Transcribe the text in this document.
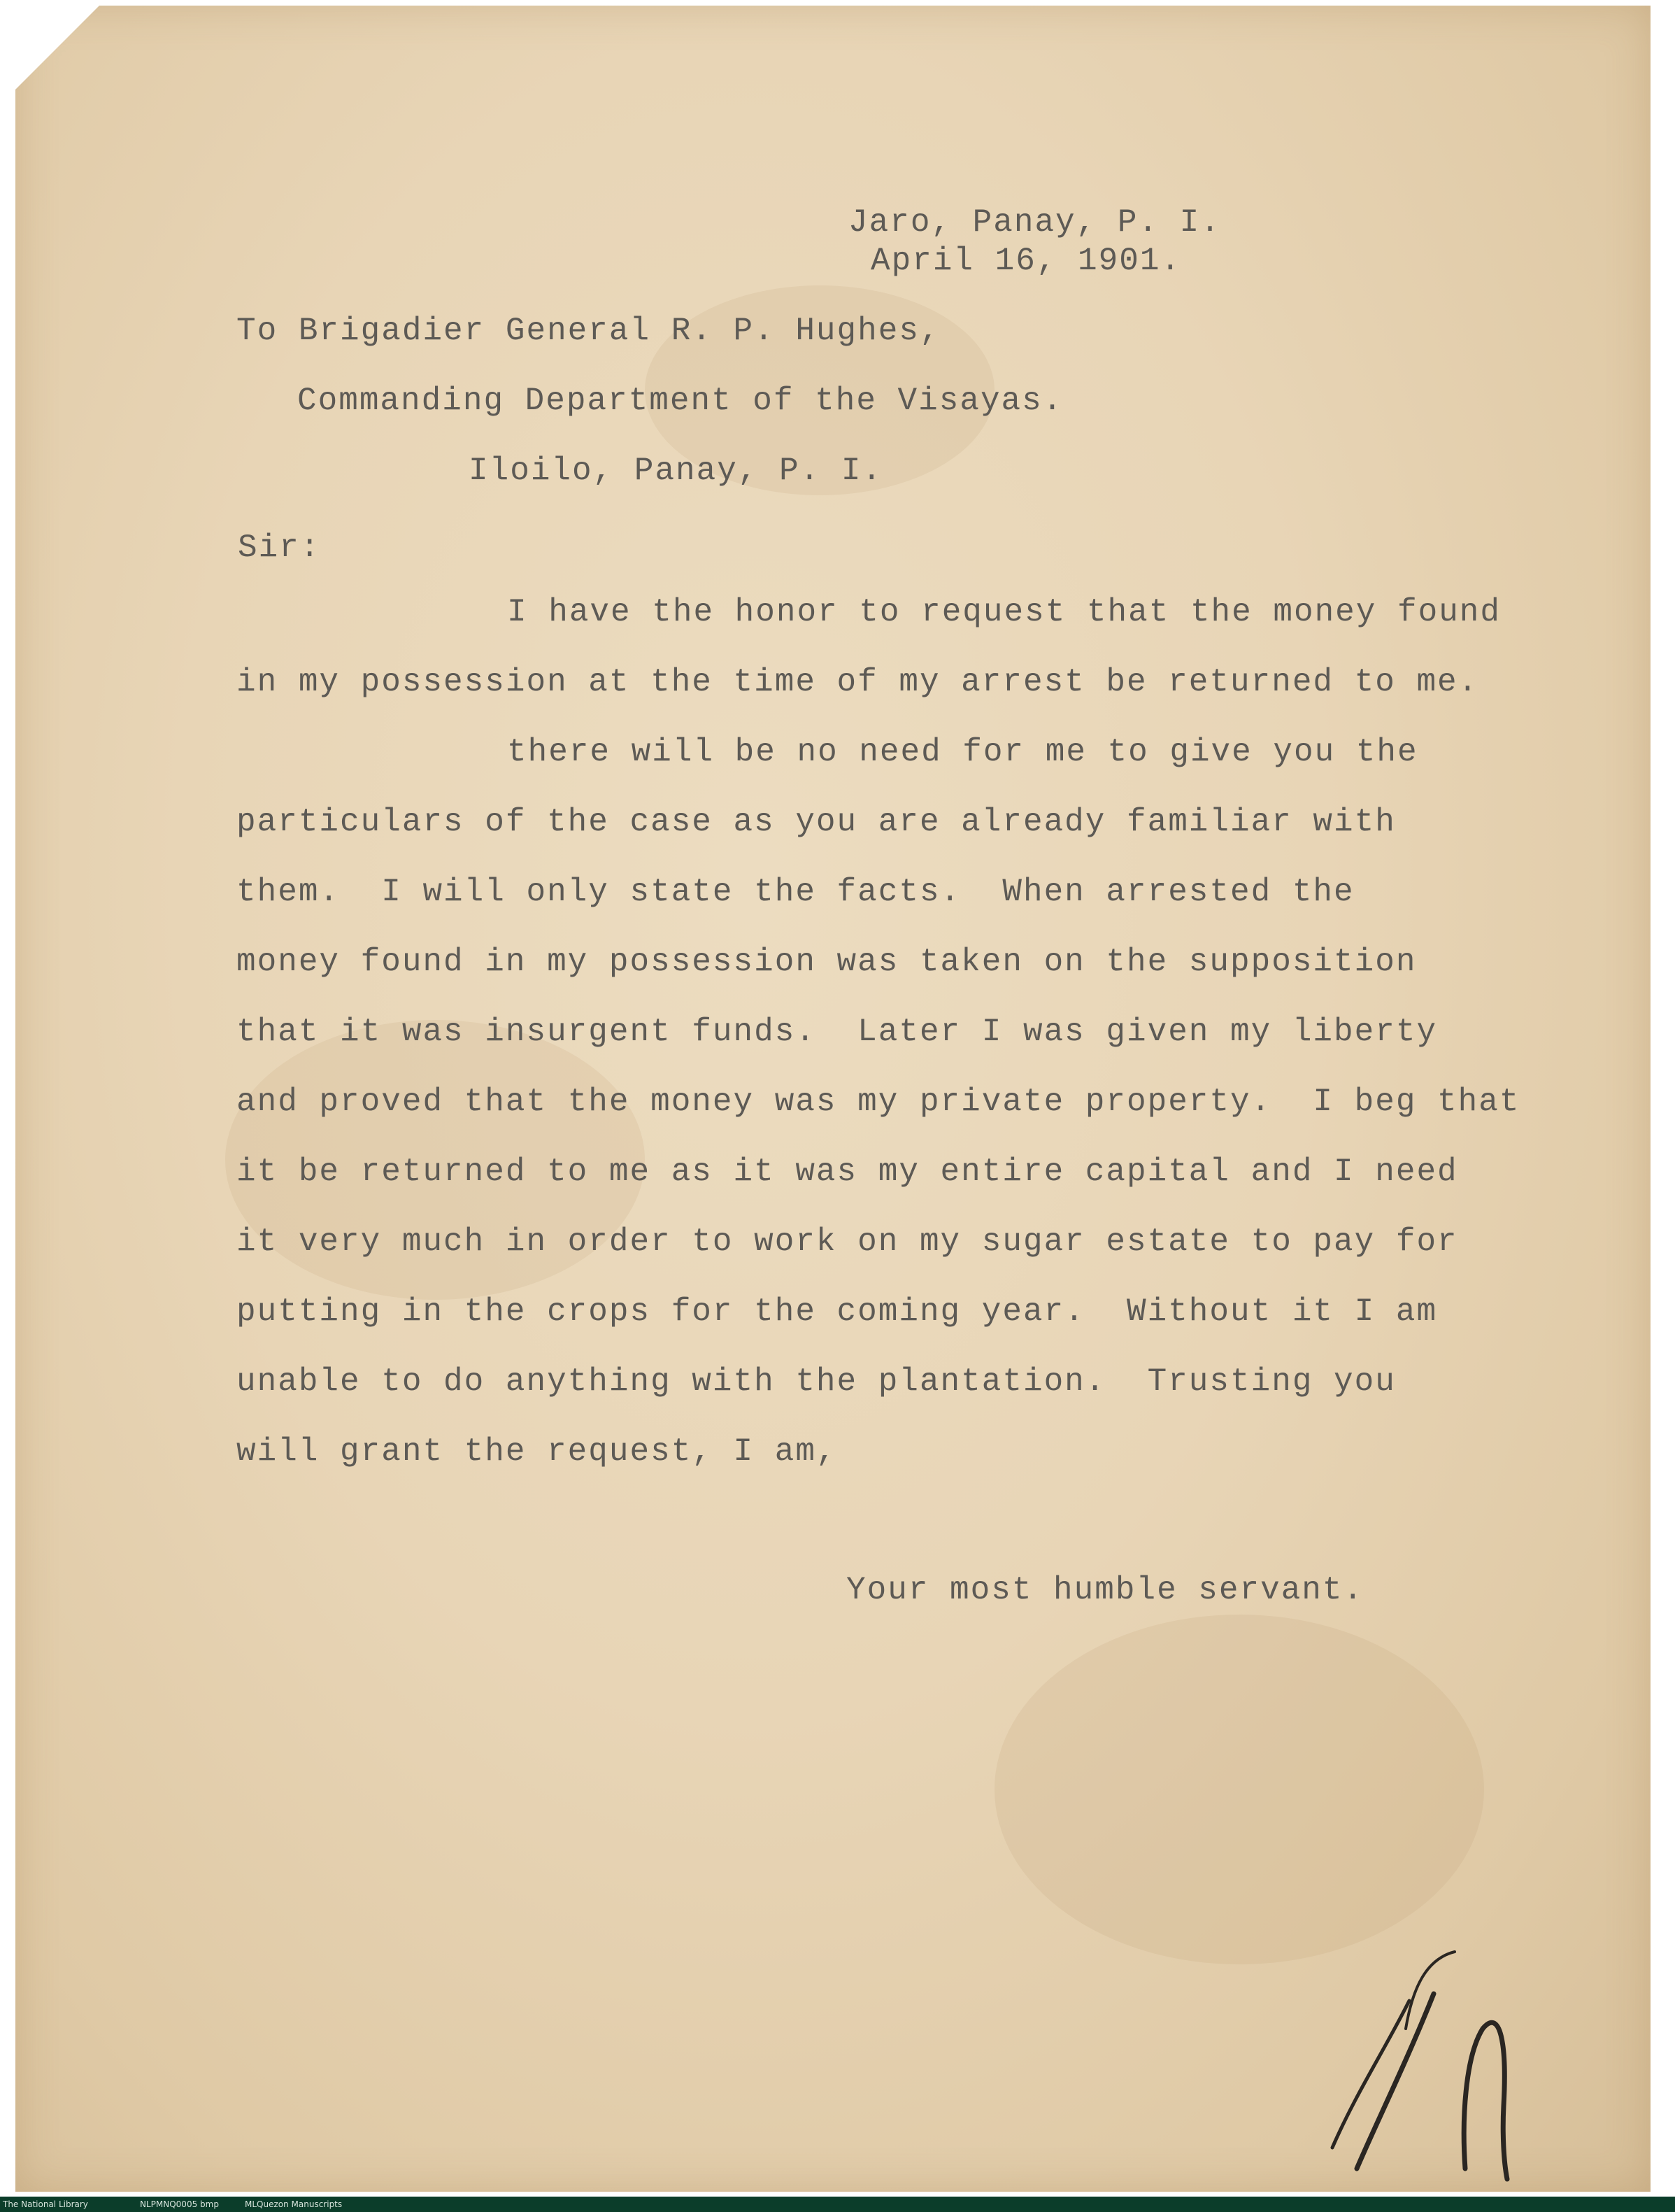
Jaro, Panay, P. I.
April 16, 1901.
To Brigadier General R. P. Hughes,
Commanding Department of the Visayas.
Iloilo, Panay, P. I.
Sir:
I have the honor to request that the money found
in my possession at the time of my arrest be returned to me.
there will be no need for me to give you the
particulars of the case as you are already familiar with
them.  I will only state the facts.  When arrested the
money found in my possession was taken on the supposition
that it was insurgent funds.  Later I was given my liberty
and proved that the money was my private property.  I beg that
it be returned to me as it was my entire capital and I need
it very much in order to work on my sugar estate to pay for
putting in the crops for the coming year.  Without it I am
unable to do anything with the plantation.  Trusting you
will grant the request, I am,
Your most humble servant.
The National Library	NLPMNQ0005 bmp	MLQuezon Manuscripts
